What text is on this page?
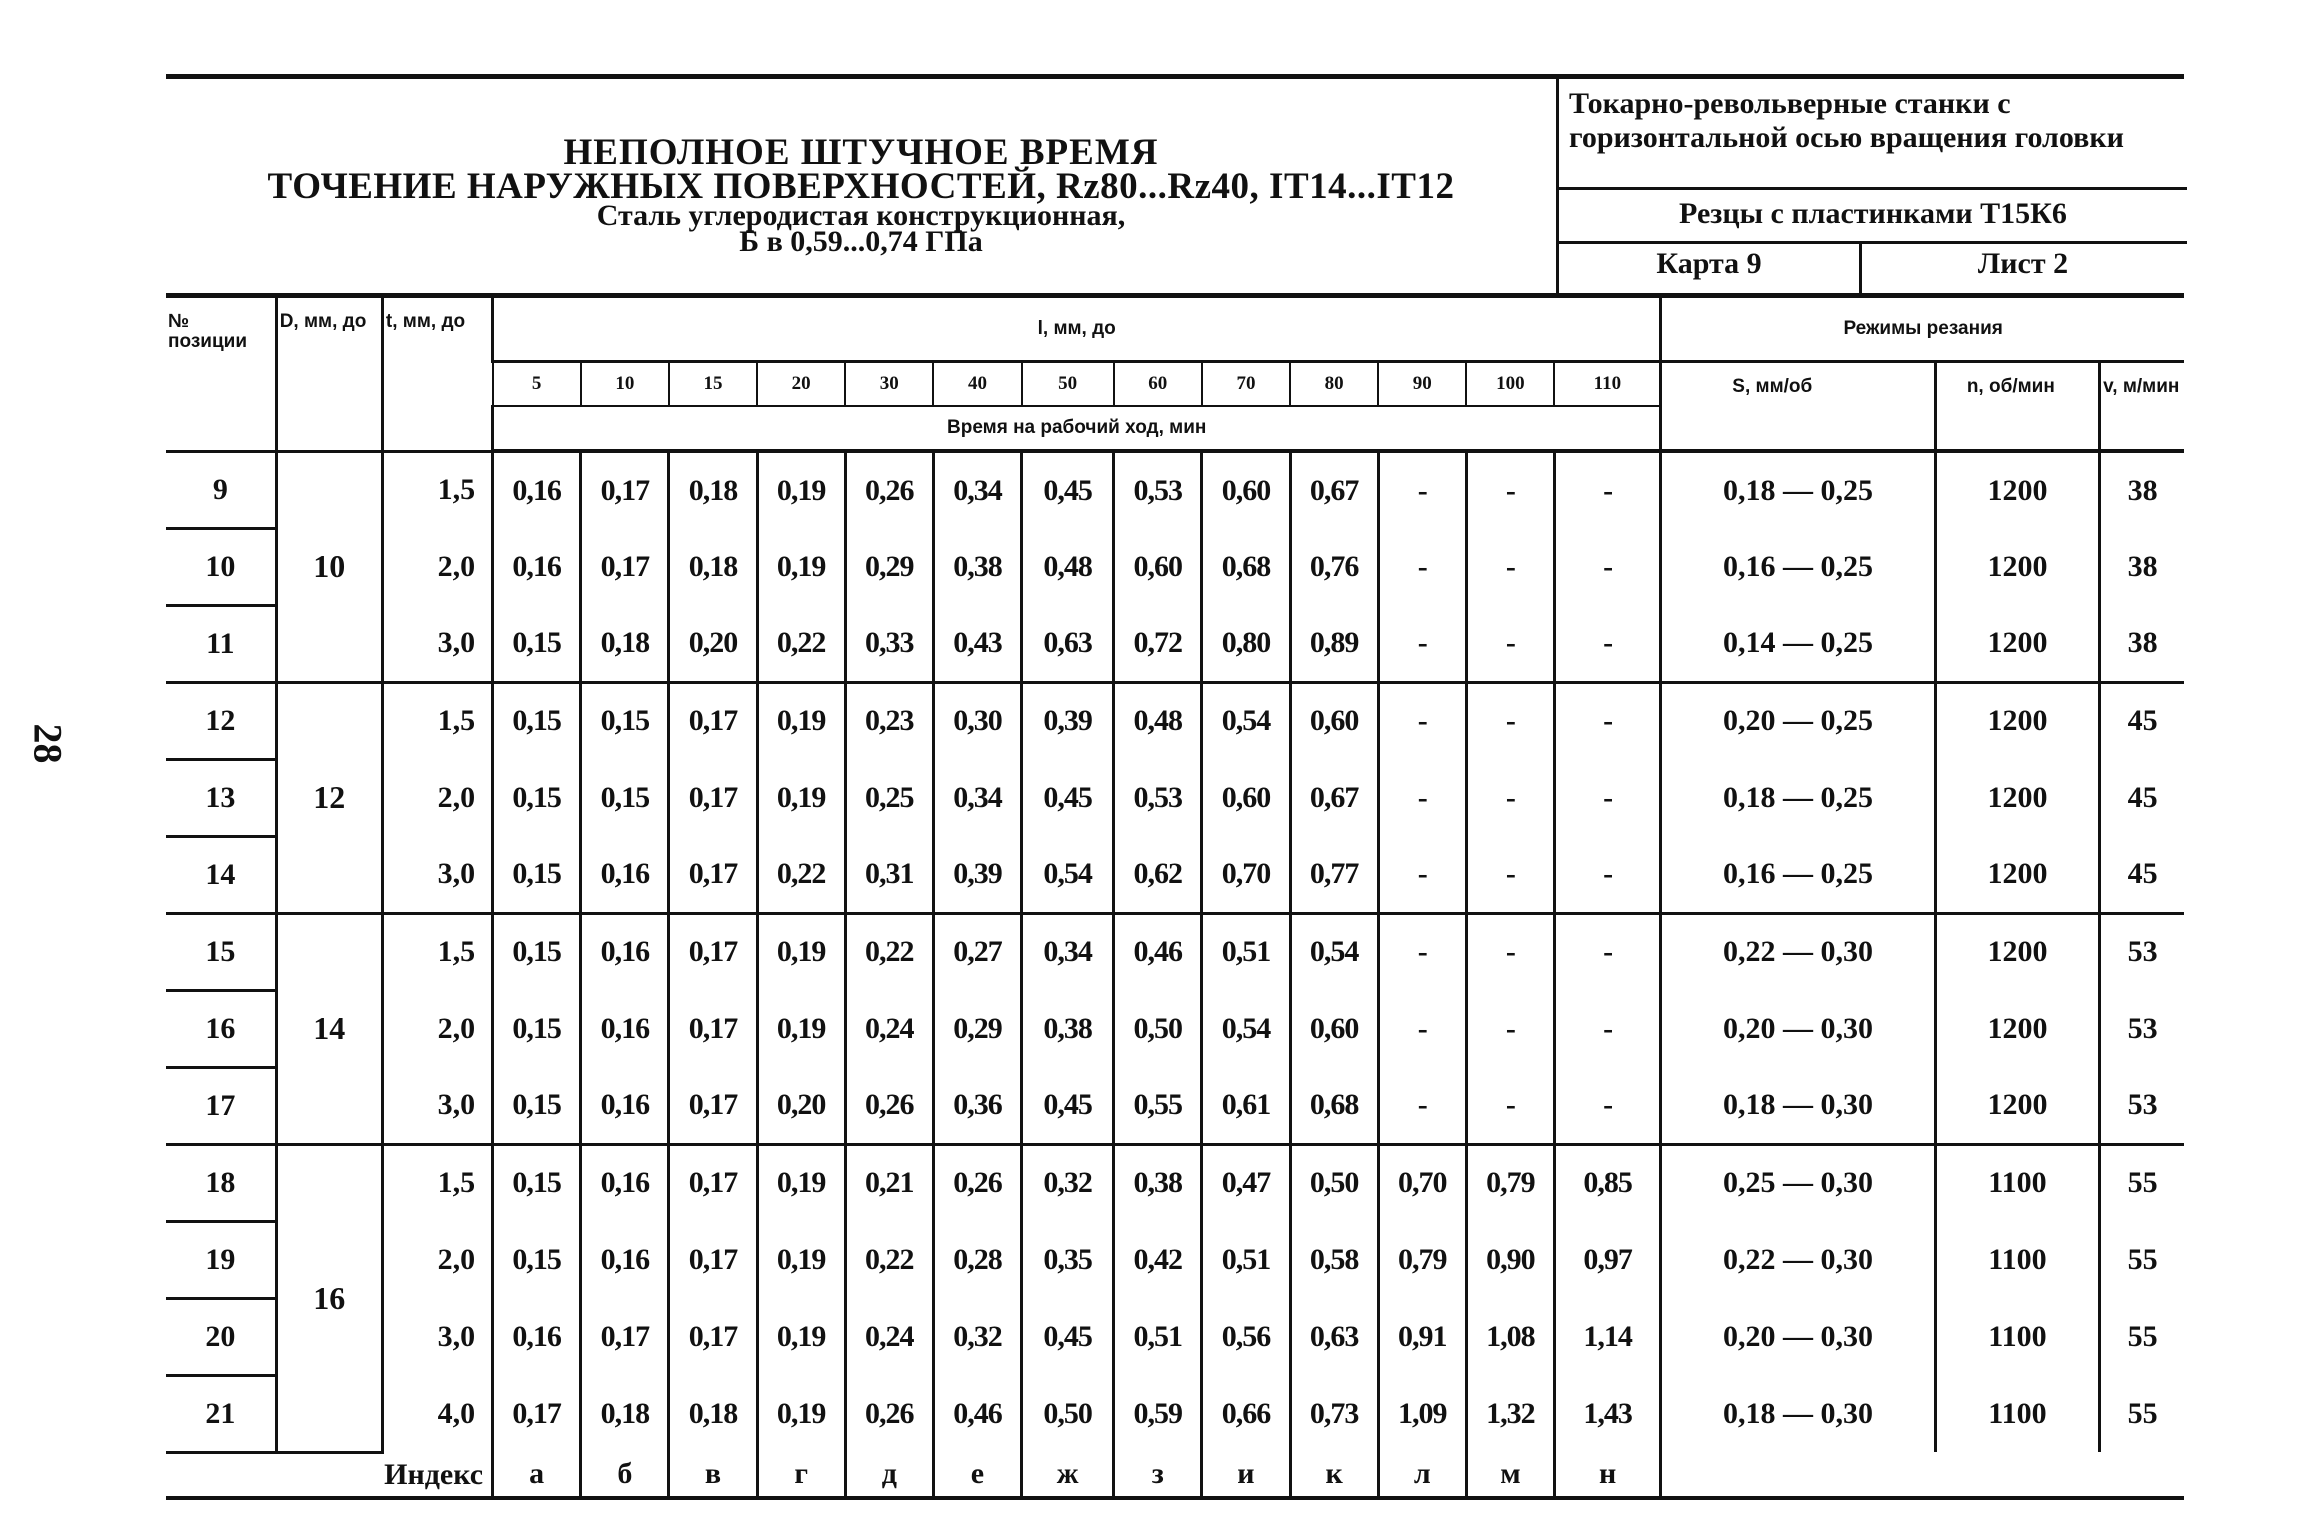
28
НЕПОЛНОЕ ШТУЧНОЕ ВРЕМЯ
ТОЧЕНИЕ НАРУЖНЫХ ПОВЕРХНОСТЕЙ, Rz80...Rz40, IT14...IT12
Сталь углеродистая конструкционная,
Б в 0,59...0,74 ГПа
Токарно-револьверные станки с горизонтальной осью вращения головки
Резцы с пластинками Т15К6
Карта 9	Лист 2
№ позиции	D, мм, до	t, мм, до	l, мм, до													Режимы резания		
			5	10	15	20	30	40	50	60	70	80	90	100	110	S, мм/об	n, об/мин	v, м/мин
			Время на рабочий ход, мин															
9	10	1,5	0,16	0,17	0,18	0,19	0,26	0,34	0,45	0,53	0,60	0,67	-	-	-	0,18 — 0,25	1200	38
10		2,0	0,16	0,17	0,18	0,19	0,29	0,38	0,48	0,60	0,68	0,76	-	-	-	0,16 — 0,25	1200	38
11		3,0	0,15	0,18	0,20	0,22	0,33	0,43	0,63	0,72	0,80	0,89	-	-	-	0,14 — 0,25	1200	38
12	12	1,5	0,15	0,15	0,17	0,19	0,23	0,30	0,39	0,48	0,54	0,60	-	-	-	0,20 — 0,25	1200	45
13		2,0	0,15	0,15	0,17	0,19	0,25	0,34	0,45	0,53	0,60	0,67	-	-	-	0,18 — 0,25	1200	45
14		3,0	0,15	0,16	0,17	0,22	0,31	0,39	0,54	0,62	0,70	0,77	-	-	-	0,16 — 0,25	1200	45
15	14	1,5	0,15	0,16	0,17	0,19	0,22	0,27	0,34	0,46	0,51	0,54	-	-	-	0,22 — 0,30	1200	53
16		2,0	0,15	0,16	0,17	0,19	0,24	0,29	0,38	0,50	0,54	0,60	-	-	-	0,20 — 0,30	1200	53
17		3,0	0,15	0,16	0,17	0,20	0,26	0,36	0,45	0,55	0,61	0,68	-	-	-	0,18 — 0,30	1200	53
18	16	1,5	0,15	0,16	0,17	0,19	0,21	0,26	0,32	0,38	0,47	0,50	0,70	0,79	0,85	0,25 — 0,30	1100	55
19		2,0	0,15	0,16	0,17	0,19	0,22	0,28	0,35	0,42	0,51	0,58	0,79	0,90	0,97	0,22 — 0,30	1100	55
20		3,0	0,16	0,17	0,17	0,19	0,24	0,32	0,45	0,51	0,56	0,63	0,91	1,08	1,14	0,20 — 0,30	1100	55
21		4,0	0,17	0,18	0,18	0,19	0,26	0,46	0,50	0,59	0,66	0,73	1,09	1,32	1,43	0,18 — 0,30	1100	55
Индекс			а	б	в	г	д	е	ж	з	и	к	л	м	н			
